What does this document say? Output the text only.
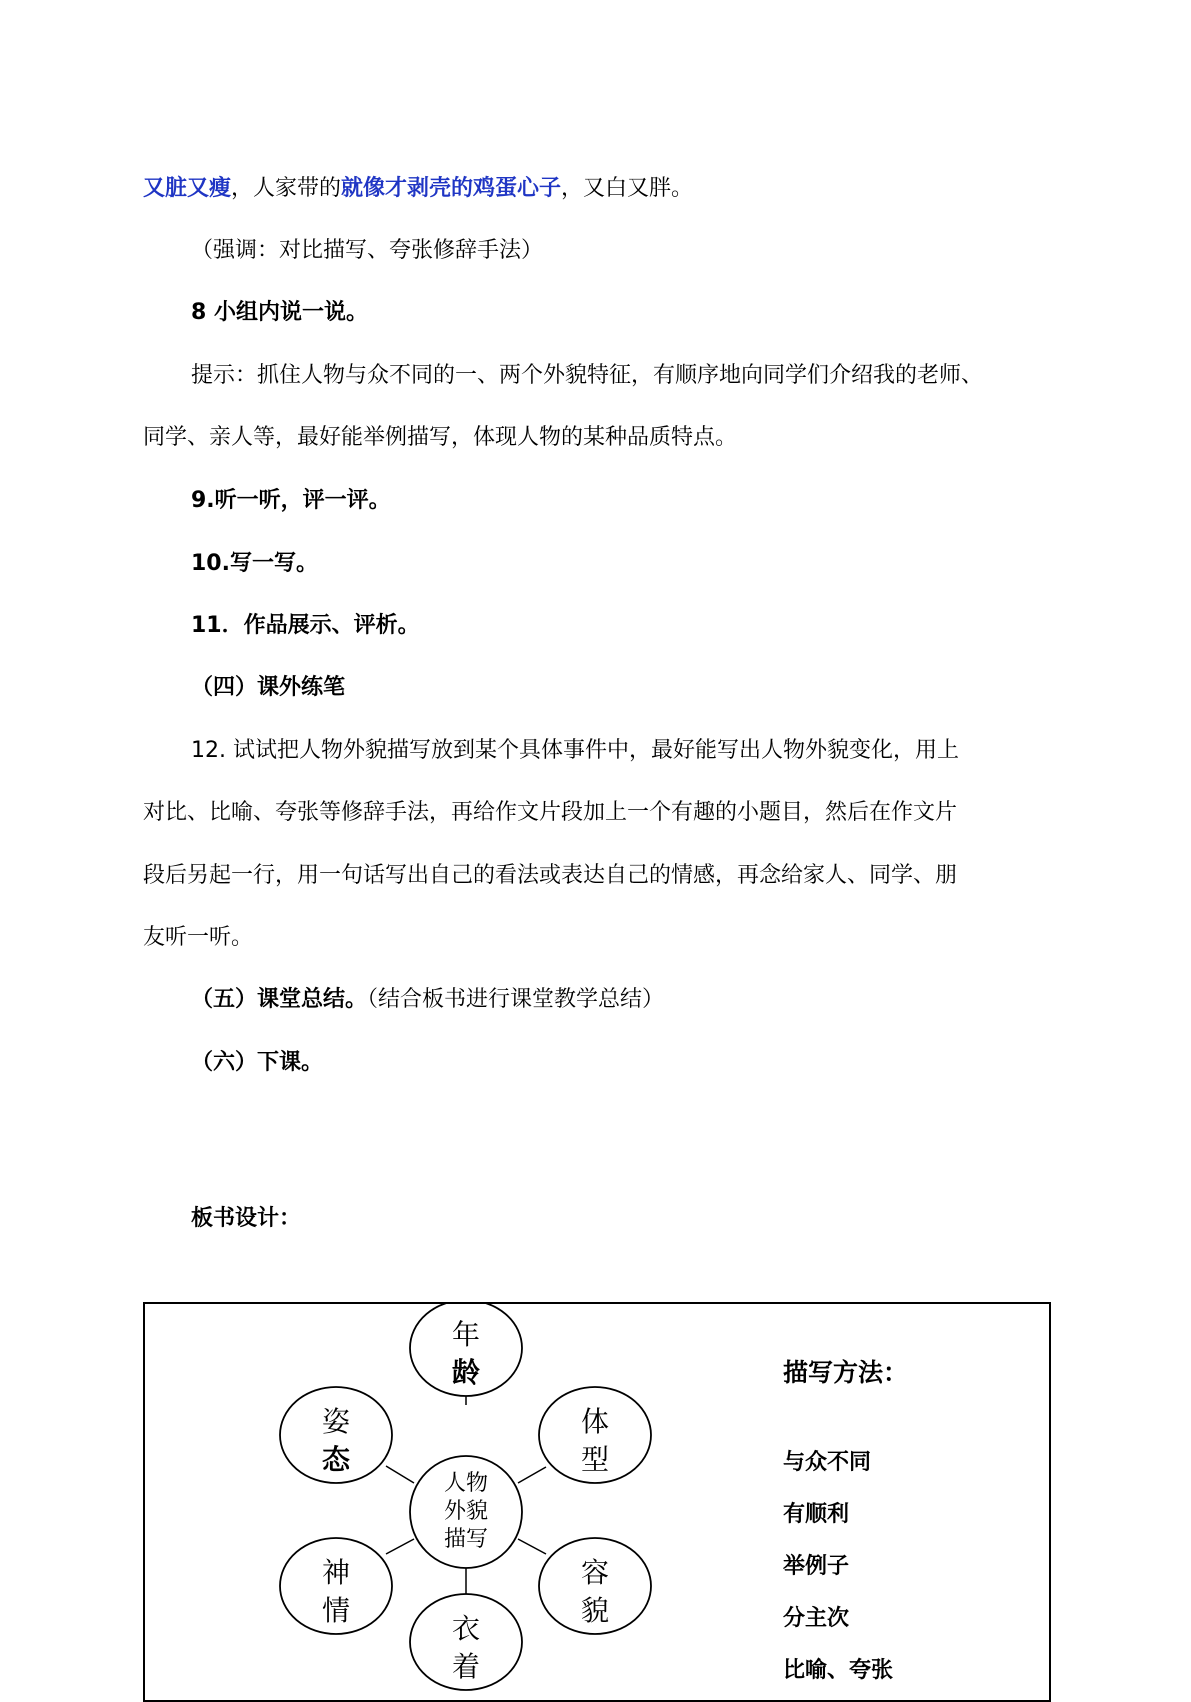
又脏又瘦，人家带的就像才剥壳的鸡蛋心子，又白又胖。
（强调：对比描写、夸张修辞手法）
8 小组内说一说。
提示：抓住人物与众不同的一、两个外貌特征，有顺序地向同学们介绍我的老师、
同学、亲人等，最好能举例描写，体现人物的某种品质特点。
9.听一听，评一评。
10.写一写。
11．作品展示、评析。
（四）课外练笔
12. 试试把人物外貌描写放到某个具体事件中，最好能写出人物外貌变化，用上
对比、比喻、夸张等修辞手法，再给作文片段加上一个有趣的小题目，然后在作文片
段后另起一行，用一句话写出自己的看法或表达自己的情感，再念给家人、同学、朋
友听一听。
（五）课堂总结。（结合板书进行课堂教学总结）
（六）下课。
板书设计：
人物
外貌
描写
年
龄
姿
态
体
型
神
情
容
貌
衣
着
描写方法：
与众不同
有顺利
举例子
分主次
比喻、夸张
